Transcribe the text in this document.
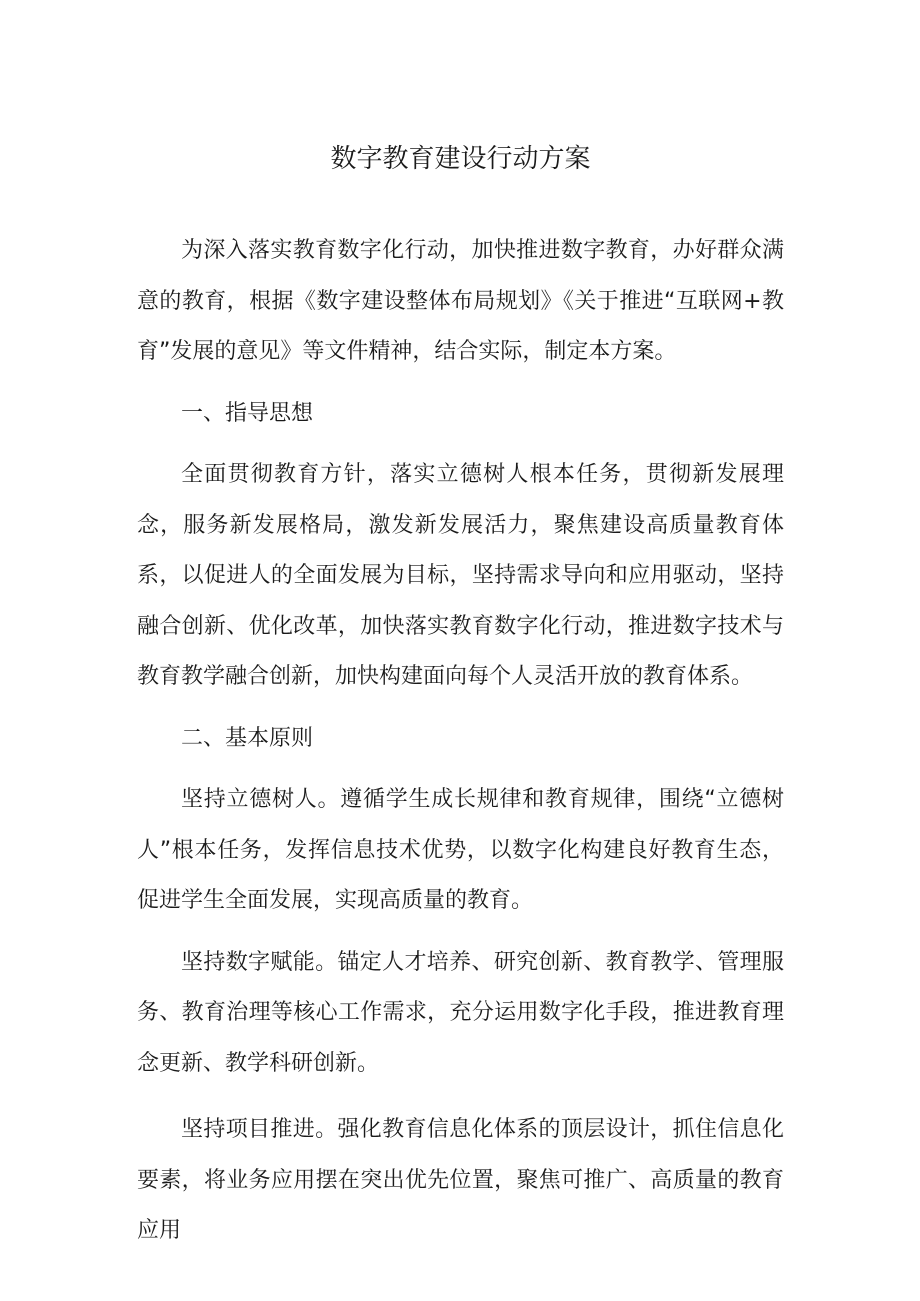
数字教育建设行动方案

为深入落实教育数字化行动，加快推进数字教育，办好群众满意的教育，根据《数字建设整体布局规划》《关于推进“互联网+教育”发展的意见》等文件精神，结合实际，制定本方案。

一、指导思想

全面贯彻教育方针，落实立德树人根本任务，贯彻新发展理念，服务新发展格局，激发新发展活力，聚焦建设高质量教育体系，以促进人的全面发展为目标，坚持需求导向和应用驱动，坚持融合创新、优化改革，加快落实教育数字化行动，推进数字技术与教育教学融合创新，加快构建面向每个人灵活开放的教育体系。

二、基本原则

坚持立德树人。遵循学生成长规律和教育规律，围绕“立德树人”根本任务，发挥信息技术优势，以数字化构建良好教育生态，促进学生全面发展，实现高质量的教育。

坚持数字赋能。锚定人才培养、研究创新、教育教学、管理服务、教育治理等核心工作需求，充分运用数字化手段，推进教育理念更新、教学科研创新。

坚持项目推进。强化教育信息化体系的顶层设计，抓住信息化要素，将业务应用摆在突出优先位置，聚焦可推广、高质量的教育应用
